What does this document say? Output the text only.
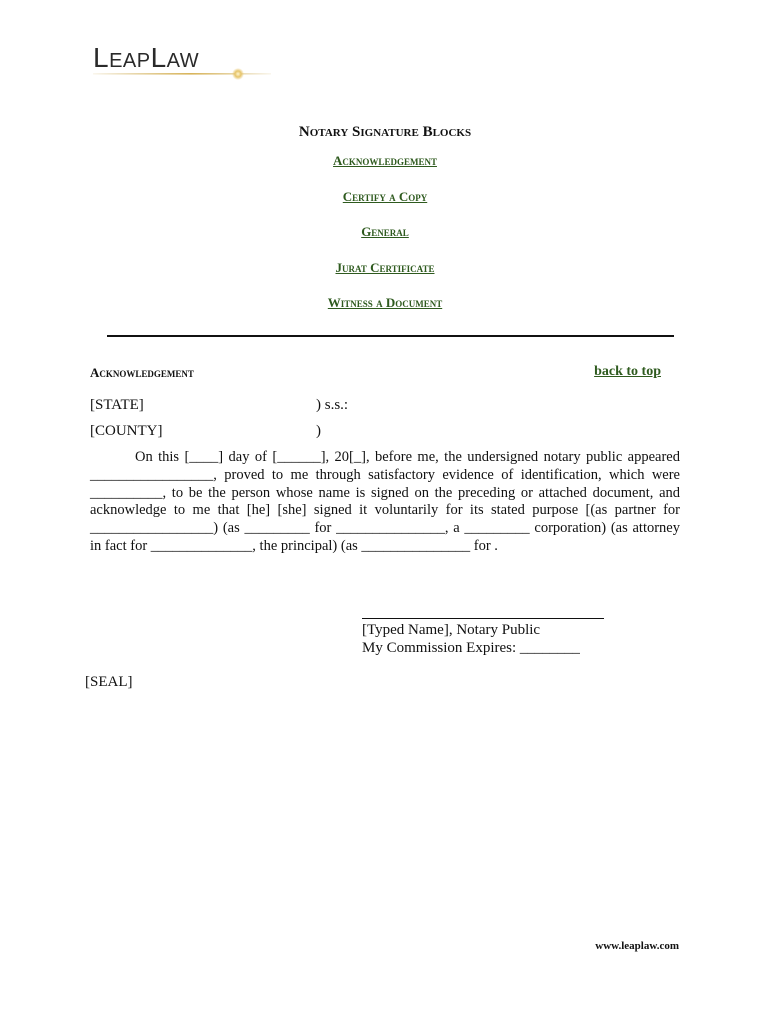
LeapLaw
Notary Signature Blocks
Acknowledgement
Certify a Copy
General
Jurat Certificate
Witness a Document
Acknowledgement	back to top
[STATE]	) s.s.:
[COUNTY]	)
On this [____] day of [______], 20[_], before me, the undersigned notary public appeared _________________, proved to me through satisfactory evidence of identification, which were __________, to be the person whose name is signed on the preceding or attached document, and acknowledge to me that [he] [she] signed it voluntarily for its stated purpose [(as partner for _________________) (as _________ for _______________, a _________ corporation) (as attorney in fact for ______________, the principal) (as _______________ for .
[Typed Name], Notary Public
My Commission Expires: ________
[SEAL]
www.leaplaw.com
